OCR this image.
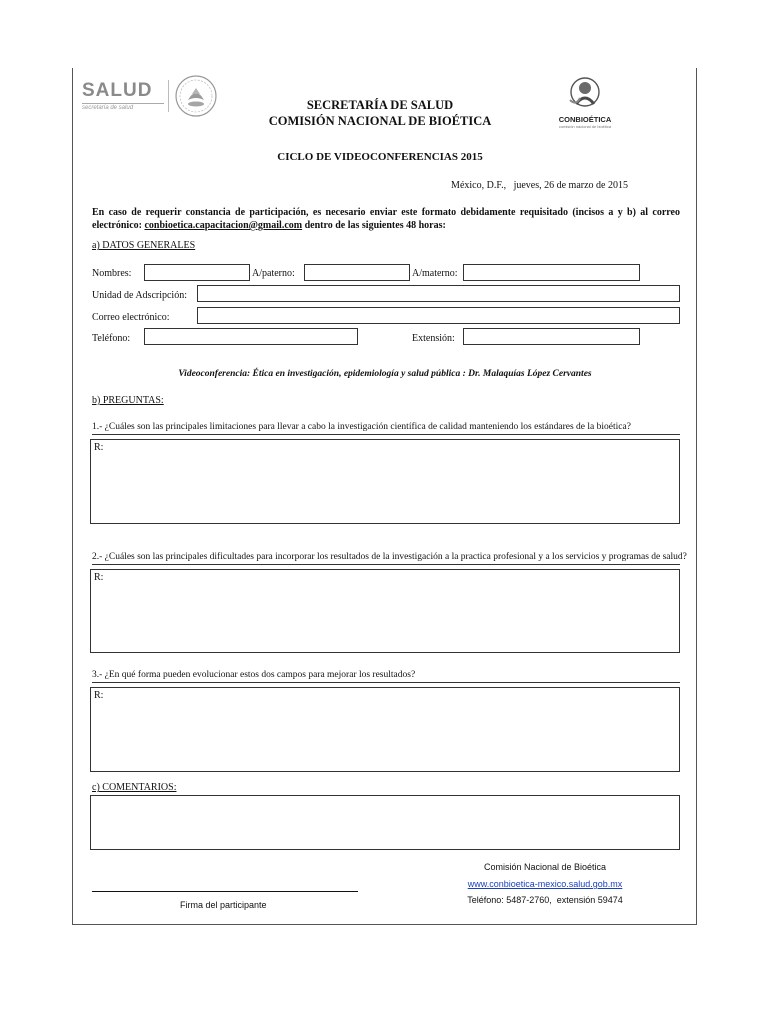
SALUD
secretaría de salud	SECRETARÍA DE SALUD
COMISIÓN NACIONAL DE BIOÉTICA	CONBIOÉTICA
comisión nacional de bioética
CICLO DE VIDEOCONFERENCIAS 2015
México, D.F.,   jueves, 26 de marzo de 2015
En caso de requerir constancia de participación, es necesario enviar este formato debidamente requisitado (incisos a y b) al correo electrónico: conbioetica.capacitacion@gmail.com dentro de las siguientes 48 horas:
a) DATOS GENERALES
Nombres:	A/paterno:	A/materno:
Unidad de Adscripción:
Correo electrónico:
Teléfono:	Extensión:
Videoconferencia: Ética en investigación, epidemiología y salud pública : Dr. Malaquías López Cervantes
b) PREGUNTAS:
1.- ¿Cuáles son las principales limitaciones para llevar a cabo la investigación científica de calidad manteniendo los estándares de la bioética?
R:
2.- ¿Cuáles son las principales dificultades para incorporar los resultados de la investigación a la practica profesional y a los servicios y programas de salud?
R:
3.- ¿En qué forma pueden evolucionar estos dos campos para mejorar los resultados?
R:
c) COMENTARIOS:
Firma del participante
Comisión Nacional de Bioética
www.conbioetica-mexico.salud.gob.mx
Teléfono: 5487-2760,  extensión 59474
